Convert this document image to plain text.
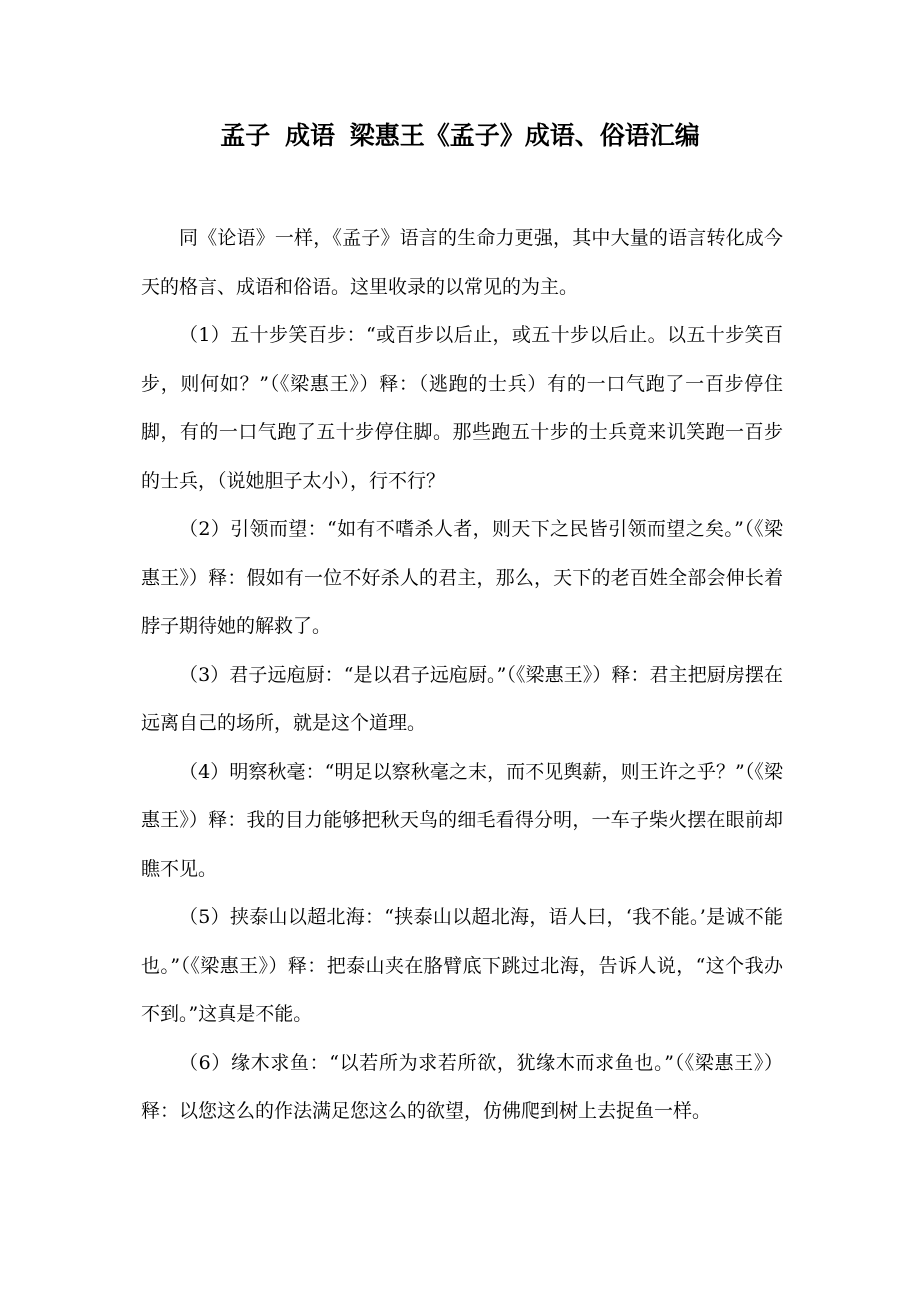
孟子 成语 梁惠王《孟子》成语、俗语汇编

同《论语》一样，《孟子》语言的生命力更强，其中大量的语言转化成今天的格言、成语和俗语。这里收录的以常见的为主。

（1）五十步笑百步：“或百步以后止，或五十步以后止。以五十步笑百步，则何如？”（《梁惠王》）释：（逃跑的士兵）有的一口气跑了一百步停住脚，有的一口气跑了五十步停住脚。那些跑五十步的士兵竟来讥笑跑一百步的士兵，（说她胆子太小），行不行？

（2）引领而望：“如有不嗜杀人者，则天下之民皆引领而望之矣。”（《梁惠王》）释：假如有一位不好杀人的君主，那么，天下的老百姓全部会伸长着脖子期待她的解救了。

（3）君子远庖厨：“是以君子远庖厨。”（《梁惠王》）释：君主把厨房摆在远离自己的场所，就是这个道理。

（4）明察秋毫：“明足以察秋毫之末，而不见舆薪，则王许之乎？”（《梁惠王》）释：我的目力能够把秋天鸟的细毛看得分明，一车子柴火摆在眼前却瞧不见。

（5）挟泰山以超北海：“挟泰山以超北海，语人曰，‘我不能。’是诚不能也。”（《梁惠王》）释：把泰山夹在胳臂底下跳过北海，告诉人说，“这个我办不到。”这真是不能。

（6）缘木求鱼：“以若所为求若所欲，犹缘木而求鱼也。”（《梁惠王》）释：以您这么的作法满足您这么的欲望，仿佛爬到树上去捉鱼一样。
